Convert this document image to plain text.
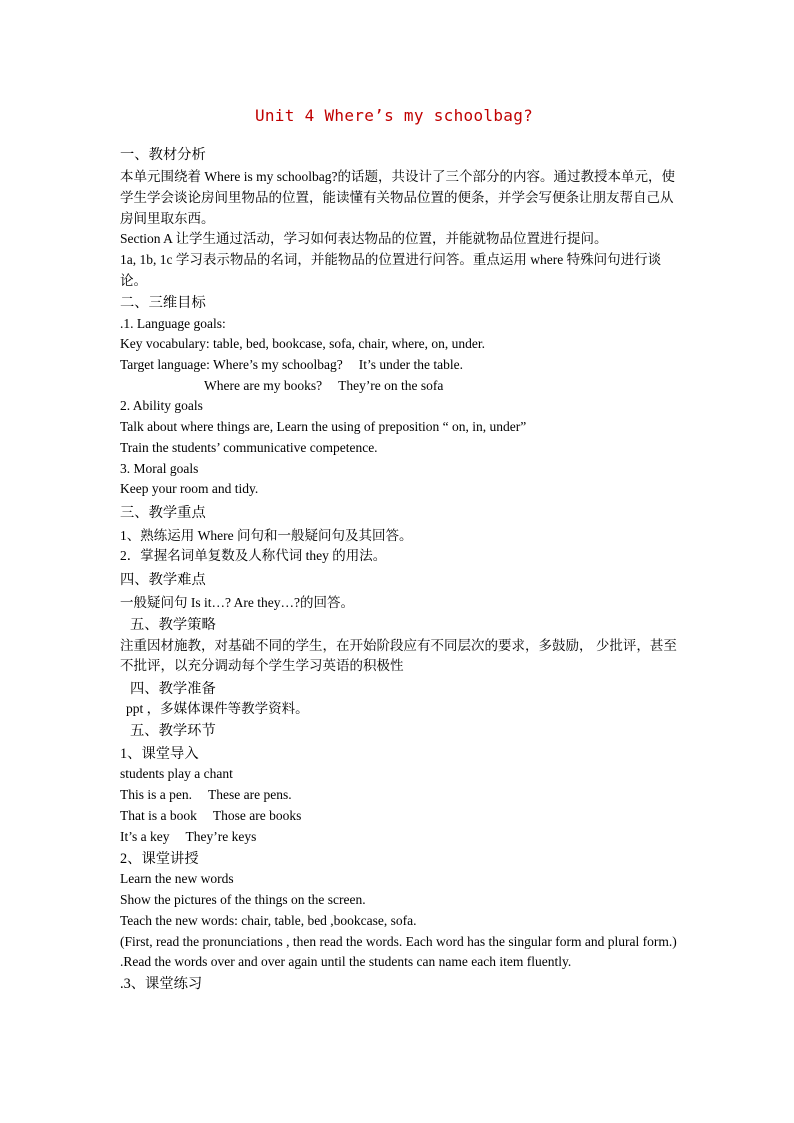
Unit 4 Where’s my schoolbag?
一、教材分析
本单元围绕着 Where is my schoolbag?的话题，共设计了三个部分的内容。通过教授本单元，使学生学会谈论房间里物品的位置，能读懂有关物品位置的便条，并学会写便条让朋友帮自己从房间里取东西。
Section A 让学生通过活动，学习如何表达物品的位置，并能就物品位置进行提问。
1a, 1b, 1c 学习表示物品的名词，并能物品的位置进行问答。重点运用 where 特殊问句进行谈论。
二、三维目标
.1. Language goals:
Key vocabulary: table, bed, bookcase, sofa, chair, where, on, under.
Target language: Where’s my schoolbag? It’s under the table.
Where are my books? They’re on the sofa
2. Ability goals
Talk about where things are, Learn the using of preposition “ on, in, under”
Train the students’ communicative competence.
3. Moral goals
Keep your room and tidy.
三、教学重点
1、熟练运用 Where 问句和一般疑问句及其回答。
2．掌握名词单复数及人称代词 they 的用法。
四、教学难点
一般疑问句 Is it…? Are they…?的回答。
五、教学策略
注重因材施教，对基础不同的学生，在开始阶段应有不同层次的要求，多鼓励， 少批评，甚至不批评，以充分调动每个学生学习英语的积极性
四、教学准备
ppt ，多媒体课件等教学资料。
五、教学环节
1、课堂导入
students play a chant
This is a pen. These are pens.
That is a book Those are books
It’s a key They’re keys
2、课堂讲授
Learn the new words
Show the pictures of the things on the screen.
Teach the new words: chair, table, bed ,bookcase, sofa.
(First, read the pronunciations , then read the words. Each word has the singular form and plural form.)
.Read the words over and over again until the students can name each item fluently.
.3、课堂练习
